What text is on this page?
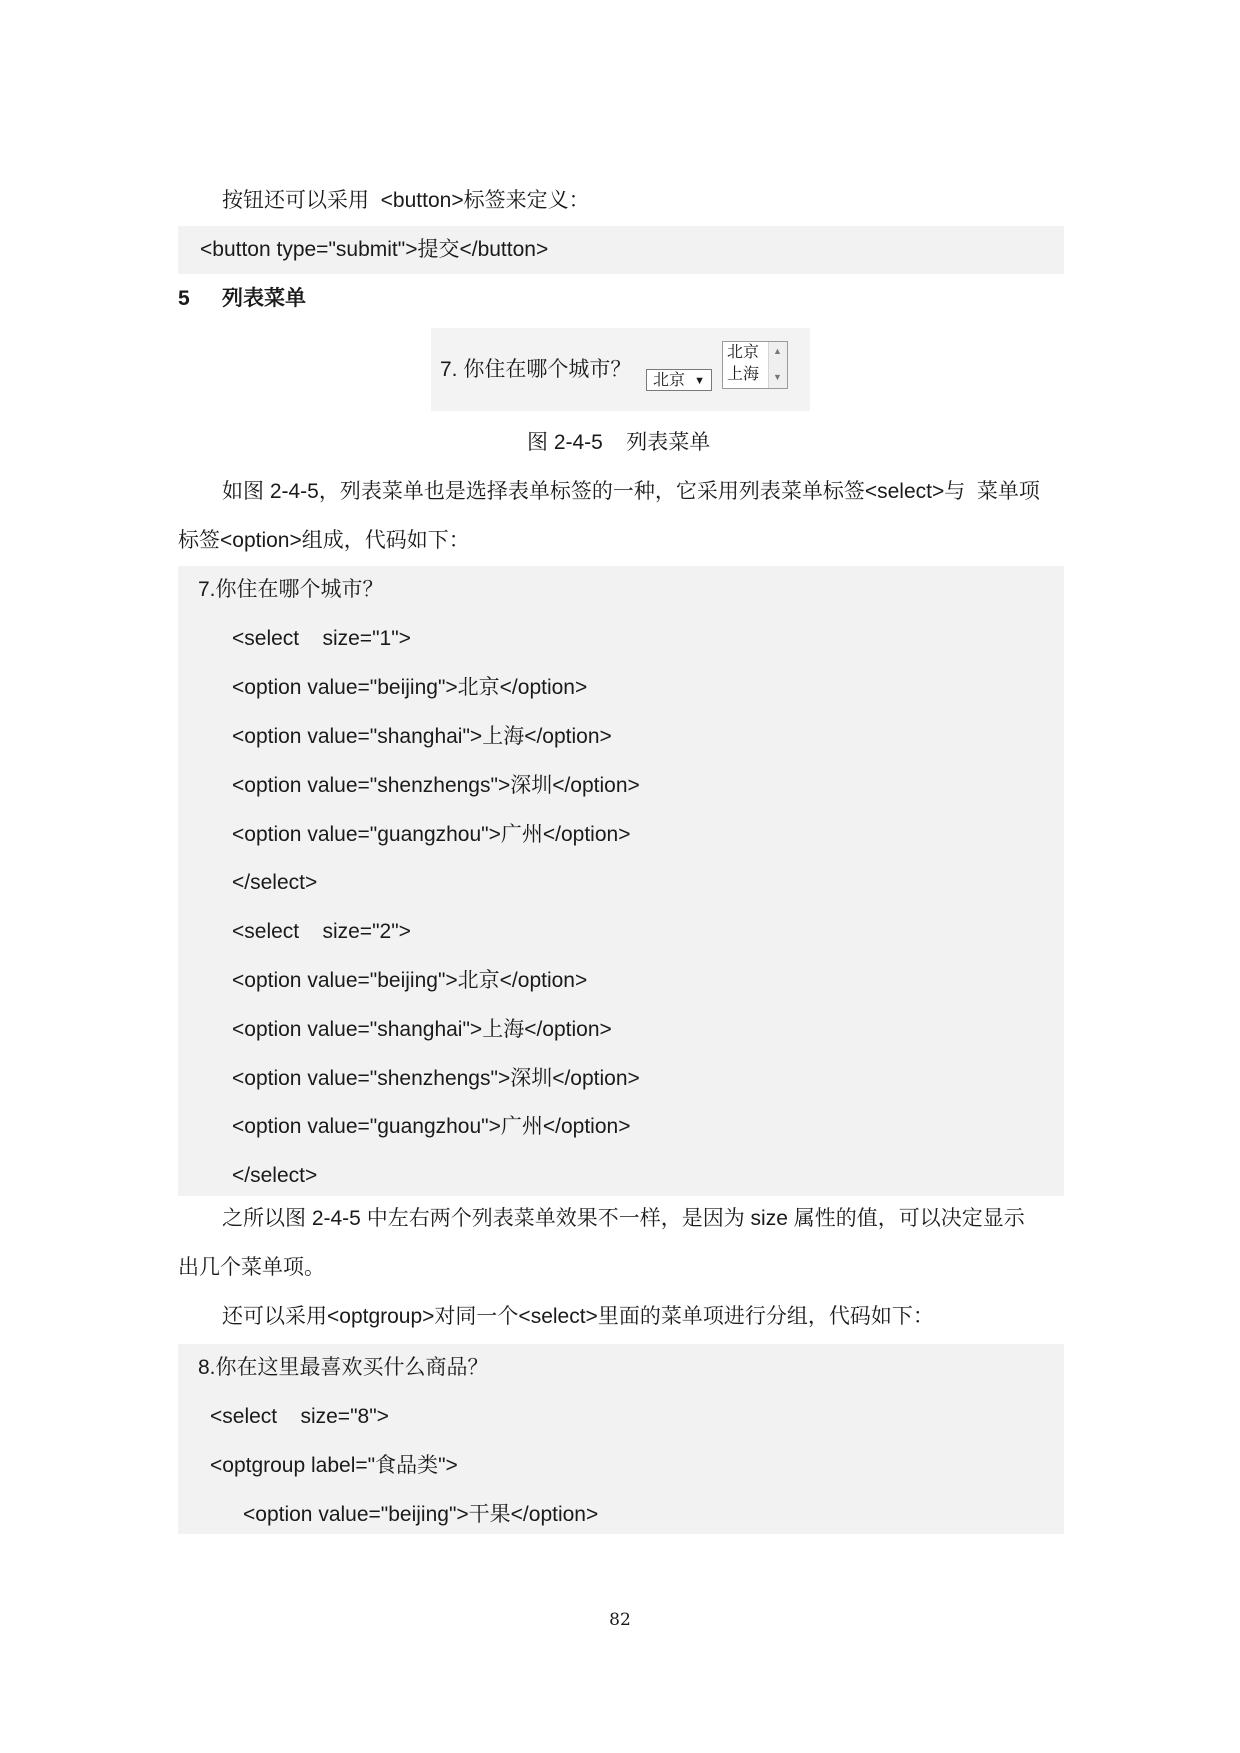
按钮还可以采用  <button>标签来定义：
<button type="submit">提交</button>
5 列表菜单
7. 你住在哪个城市？	北京 ▼
北京
上海
▲
▼
图 2-4-5    列表菜单
如图 2-4-5，列表菜单也是选择表单标签的一种，它采用列表菜单标签<select>与  菜单项
标签<option>组成，代码如下：
7.你住在哪个城市？
<select    size="1">
<option value="beijing">北京</option>
<option value="shanghai">上海</option>
<option value="shenzhengs">深圳</option>
<option value="guangzhou">广州</option>
</select>
<select    size="2">
<option value="beijing">北京</option>
<option value="shanghai">上海</option>
<option value="shenzhengs">深圳</option>
<option value="guangzhou">广州</option>
</select>
之所以图 2-4-5 中左右两个列表菜单效果不一样，是因为 size 属性的值，可以决定显示
出几个菜单项。
还可以采用<optgroup>对同一个<select>里面的菜单项进行分组，代码如下：
8.你在这里最喜欢买什么商品？
<select    size="8">
<optgroup label="食品类">
<option value="beijing">干果</option>
82
